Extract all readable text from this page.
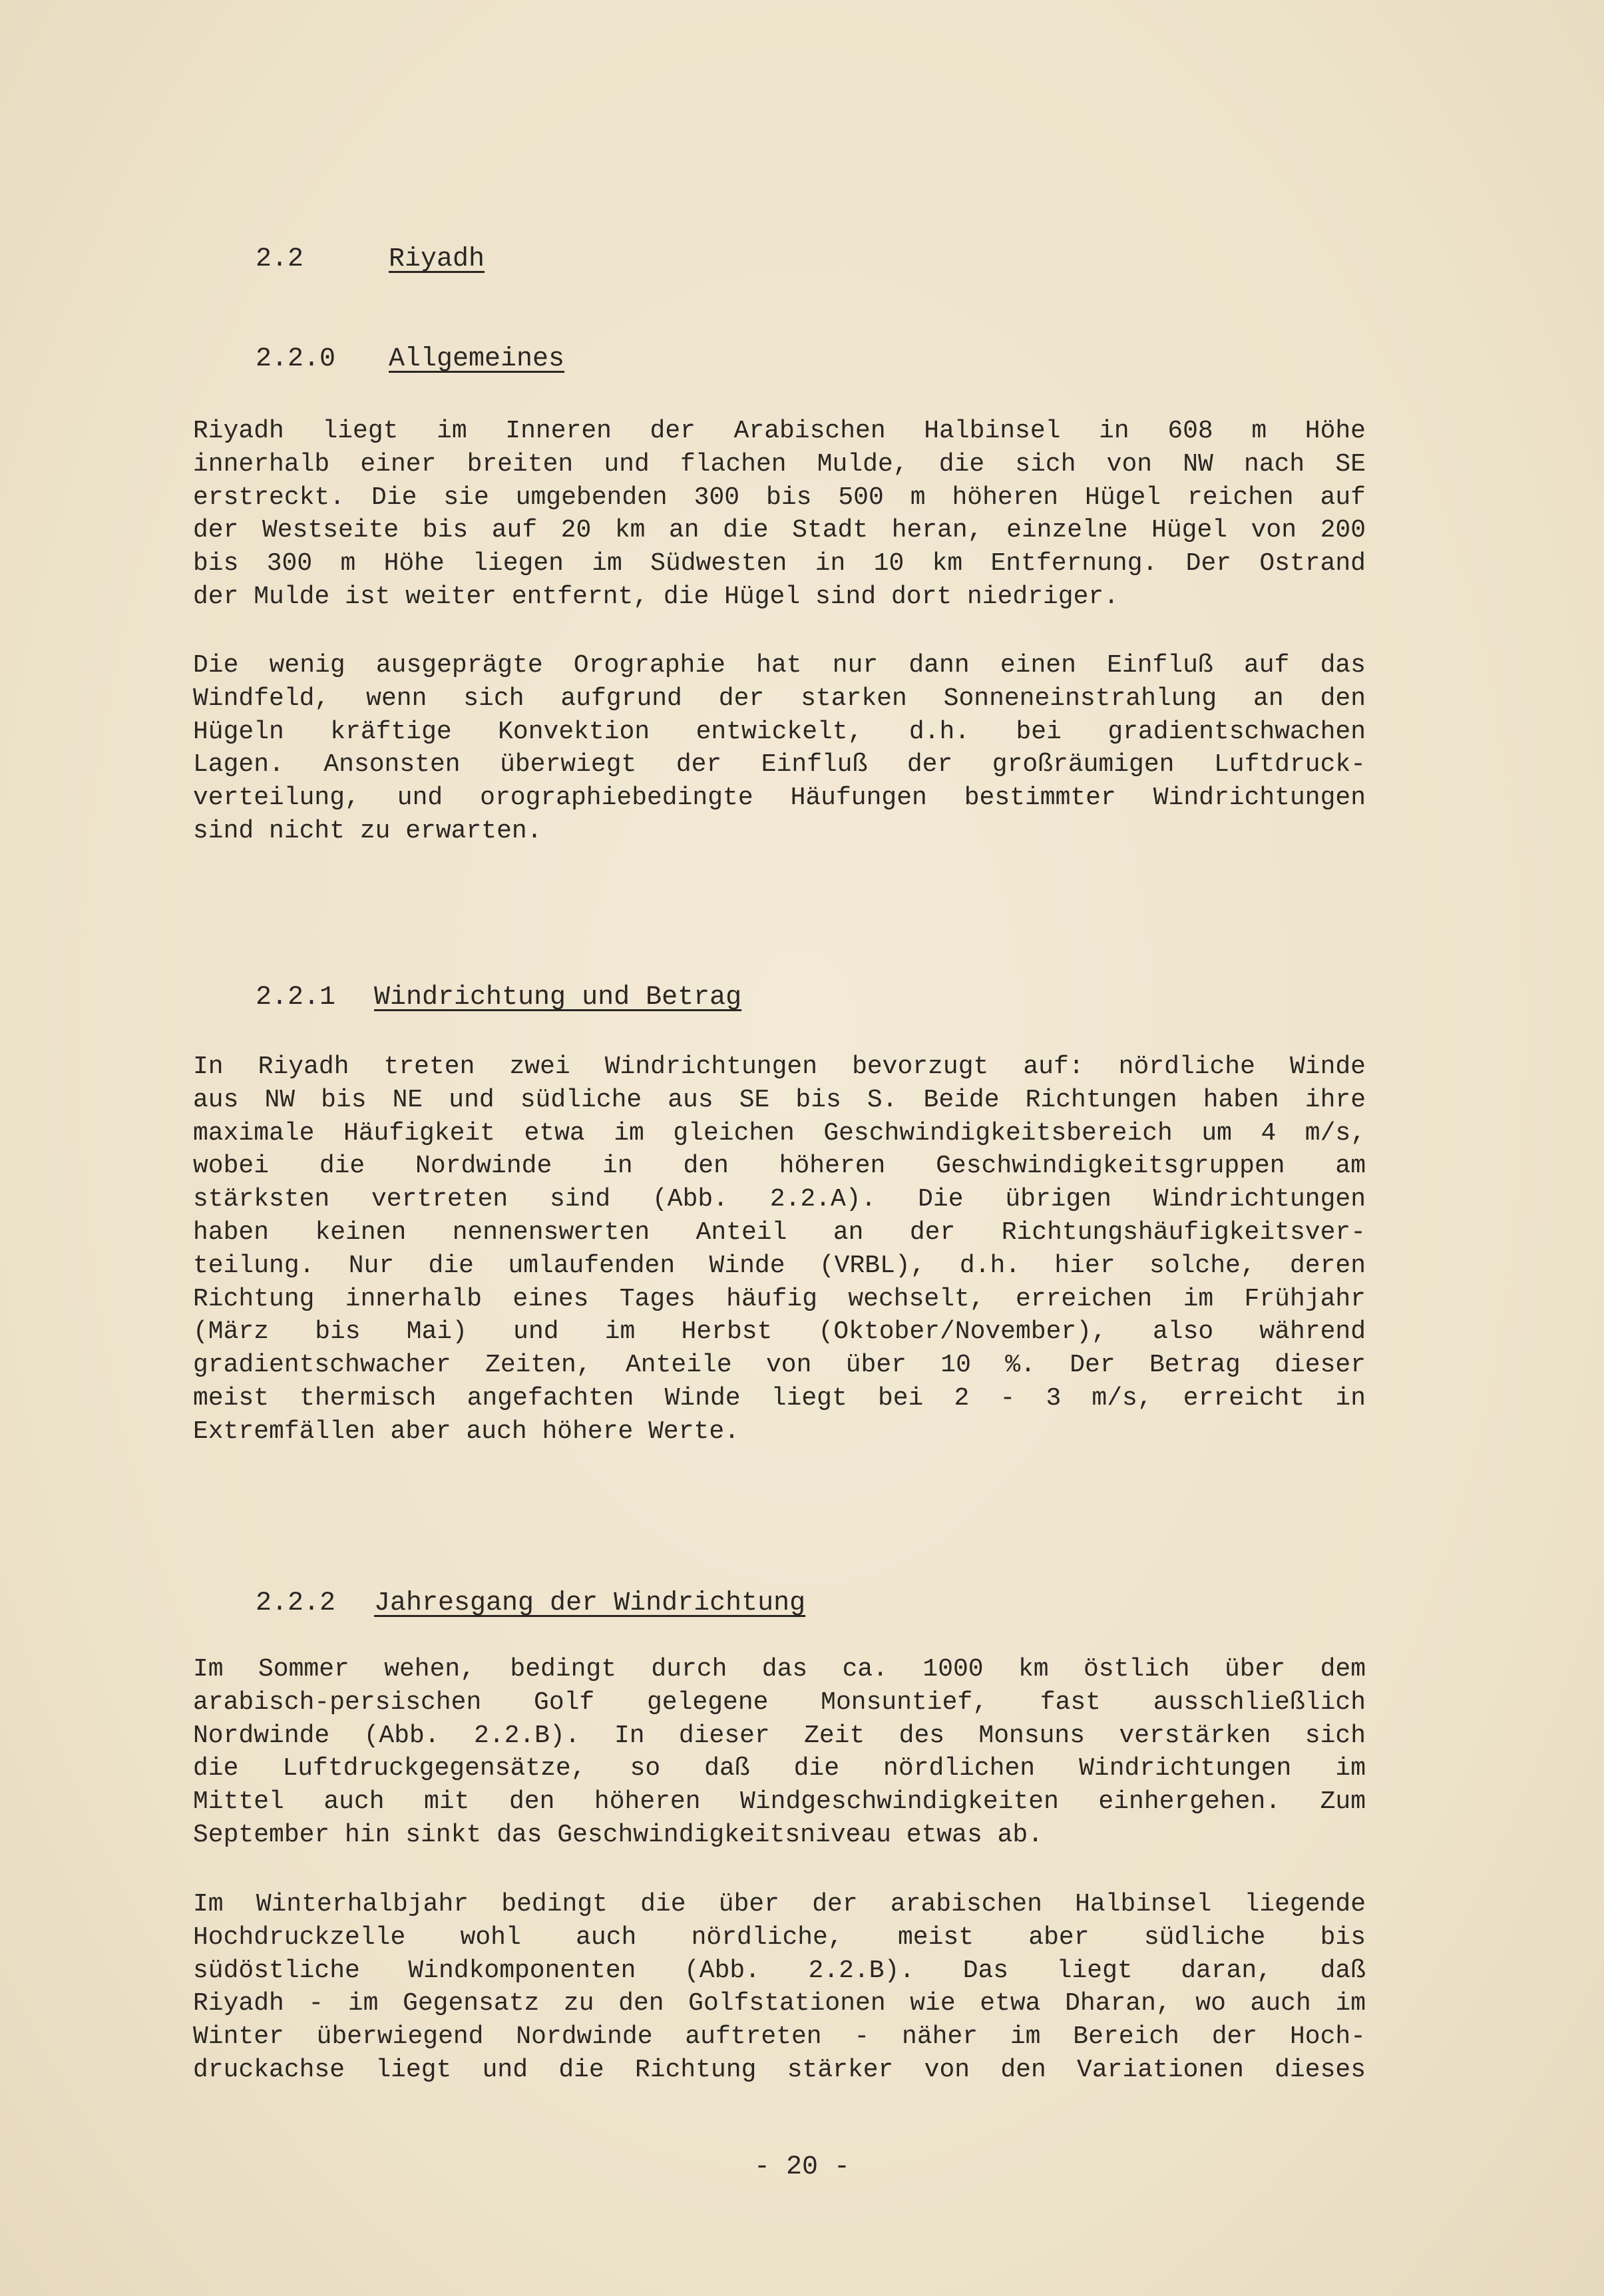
2.2	Riyadh

2.2.0 Allgemeines

Riyadh liegt im Inneren der Arabischen Halbinsel in 608 m Höhe
innerhalb einer breiten und flachen Mulde, die sich von NW nach SE
erstreckt. Die sie umgebenden 300 bis 500 m höheren Hügel reichen auf
der Westseite bis auf 20 km an die Stadt heran, einzelne Hügel von 200
bis 300 m Höhe liegen im Südwesten in 10 km Entfernung. Der Ostrand
der Mulde ist weiter entfernt, die Hügel sind dort niedriger.
Die wenig ausgeprägte Orographie hat nur dann einen Einfluß auf das
Windfeld, wenn sich aufgrund der starken Sonneneinstrahlung an den
Hügeln kräftige Konvektion entwickelt, d.h. bei gradientschwachen
Lagen. Ansonsten überwiegt der Einfluß der großräumigen Luftdruck-
verteilung, und orographiebedingte Häufungen bestimmter Windrichtungen
sind nicht zu erwarten.

2.2.1 Windrichtung und Betrag

In Riyadh treten zwei Windrichtungen bevorzugt auf: nördliche Winde
aus NW bis NE und südliche aus SE bis S. Beide Richtungen haben ihre
maximale Häufigkeit etwa im gleichen Geschwindigkeitsbereich um 4 m/s,
wobei die Nordwinde in den höheren Geschwindigkeitsgruppen am
stärksten vertreten sind (Abb. 2.2.A). Die übrigen Windrichtungen
haben keinen nennenswerten Anteil an der Richtungshäufigkeitsver-
teilung. Nur die umlaufenden Winde (VRBL), d.h. hier solche, deren
Richtung innerhalb eines Tages häufig wechselt, erreichen im Frühjahr
(März bis Mai) und im Herbst (Oktober/November), also während
gradientschwacher Zeiten, Anteile von über 10 %. Der Betrag dieser
meist thermisch angefachten Winde liegt bei 2 - 3 m/s, erreicht in
Extremfällen aber auch höhere Werte.

2.2.2 Jahresgang der Windrichtung

Im Sommer wehen, bedingt durch das ca. 1000 km östlich über dem
arabisch-persischen Golf gelegene Monsuntief, fast ausschließlich
Nordwinde (Abb. 2.2.B). In dieser Zeit des Monsuns verstärken sich
die Luftdruckgegensätze, so daß die nördlichen Windrichtungen im
Mittel auch mit den höheren Windgeschwindigkeiten einhergehen. Zum
September hin sinkt das Geschwindigkeitsniveau etwas ab.
Im Winterhalbjahr bedingt die über der arabischen Halbinsel liegende
Hochdruckzelle wohl auch nördliche, meist aber südliche bis
südöstliche Windkomponenten (Abb. 2.2.B). Das liegt daran, daß
Riyadh - im Gegensatz zu den Golfstationen wie etwa Dharan, wo auch im
Winter überwiegend Nordwinde auftreten - näher im Bereich der Hoch-
druckachse liegt und die Richtung stärker von den Variationen dieses
- 20 -
